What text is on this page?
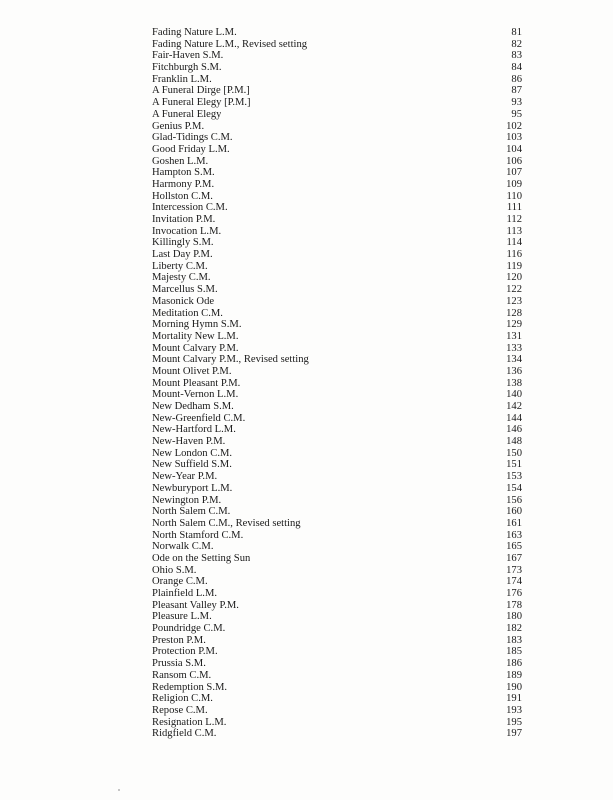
Fading Nature L.M.	81
Fading Nature L.M., Revised setting	82
Fair-Haven S.M.	83
Fitchburgh S.M.	84
Franklin L.M.	86
A Funeral Dirge [P.M.]	87
A Funeral Elegy [P.M.]	93
A Funeral Elegy	95
Genius P.M.	102
Glad-Tidings C.M.	103
Good Friday L.M.	104
Goshen L.M.	106
Hampton S.M.	107
Harmony P.M.	109
Hollston C.M.	110
Intercession C.M.	111
Invitation P.M.	112
Invocation L.M.	113
Killingly S.M.	114
Last Day P.M.	116
Liberty C.M.	119
Majesty C.M.	120
Marcellus S.M.	122
Masonick Ode	123
Meditation C.M.	128
Morning Hymn S.M.	129
Mortality New L.M.	131
Mount Calvary P.M.	133
Mount Calvary P.M., Revised setting	134
Mount Olivet P.M.	136
Mount Pleasant P.M.	138
Mount-Vernon L.M.	140
New Dedham S.M.	142
New-Greenfield C.M.	144
New-Hartford L.M.	146
New-Haven P.M.	148
New London C.M.	150
New Suffield S.M.	151
New-Year P.M.	153
Newburyport L.M.	154
Newington P.M.	156
North Salem C.M.	160
North Salem C.M., Revised setting	161
North Stamford C.M.	163
Norwalk C.M.	165
Ode on the Setting Sun	167
Ohio S.M.	173
Orange C.M.	174
Plainfield L.M.	176
Pleasant Valley P.M.	178
Pleasure L.M.	180
Poundridge C.M.	182
Preston P.M.	183
Protection P.M.	185
Prussia S.M.	186
Ransom C.M.	189
Redemption S.M.	190
Religion C.M.	191
Repose C.M.	193
Resignation L.M.	195
Ridgfield C.M.	197
